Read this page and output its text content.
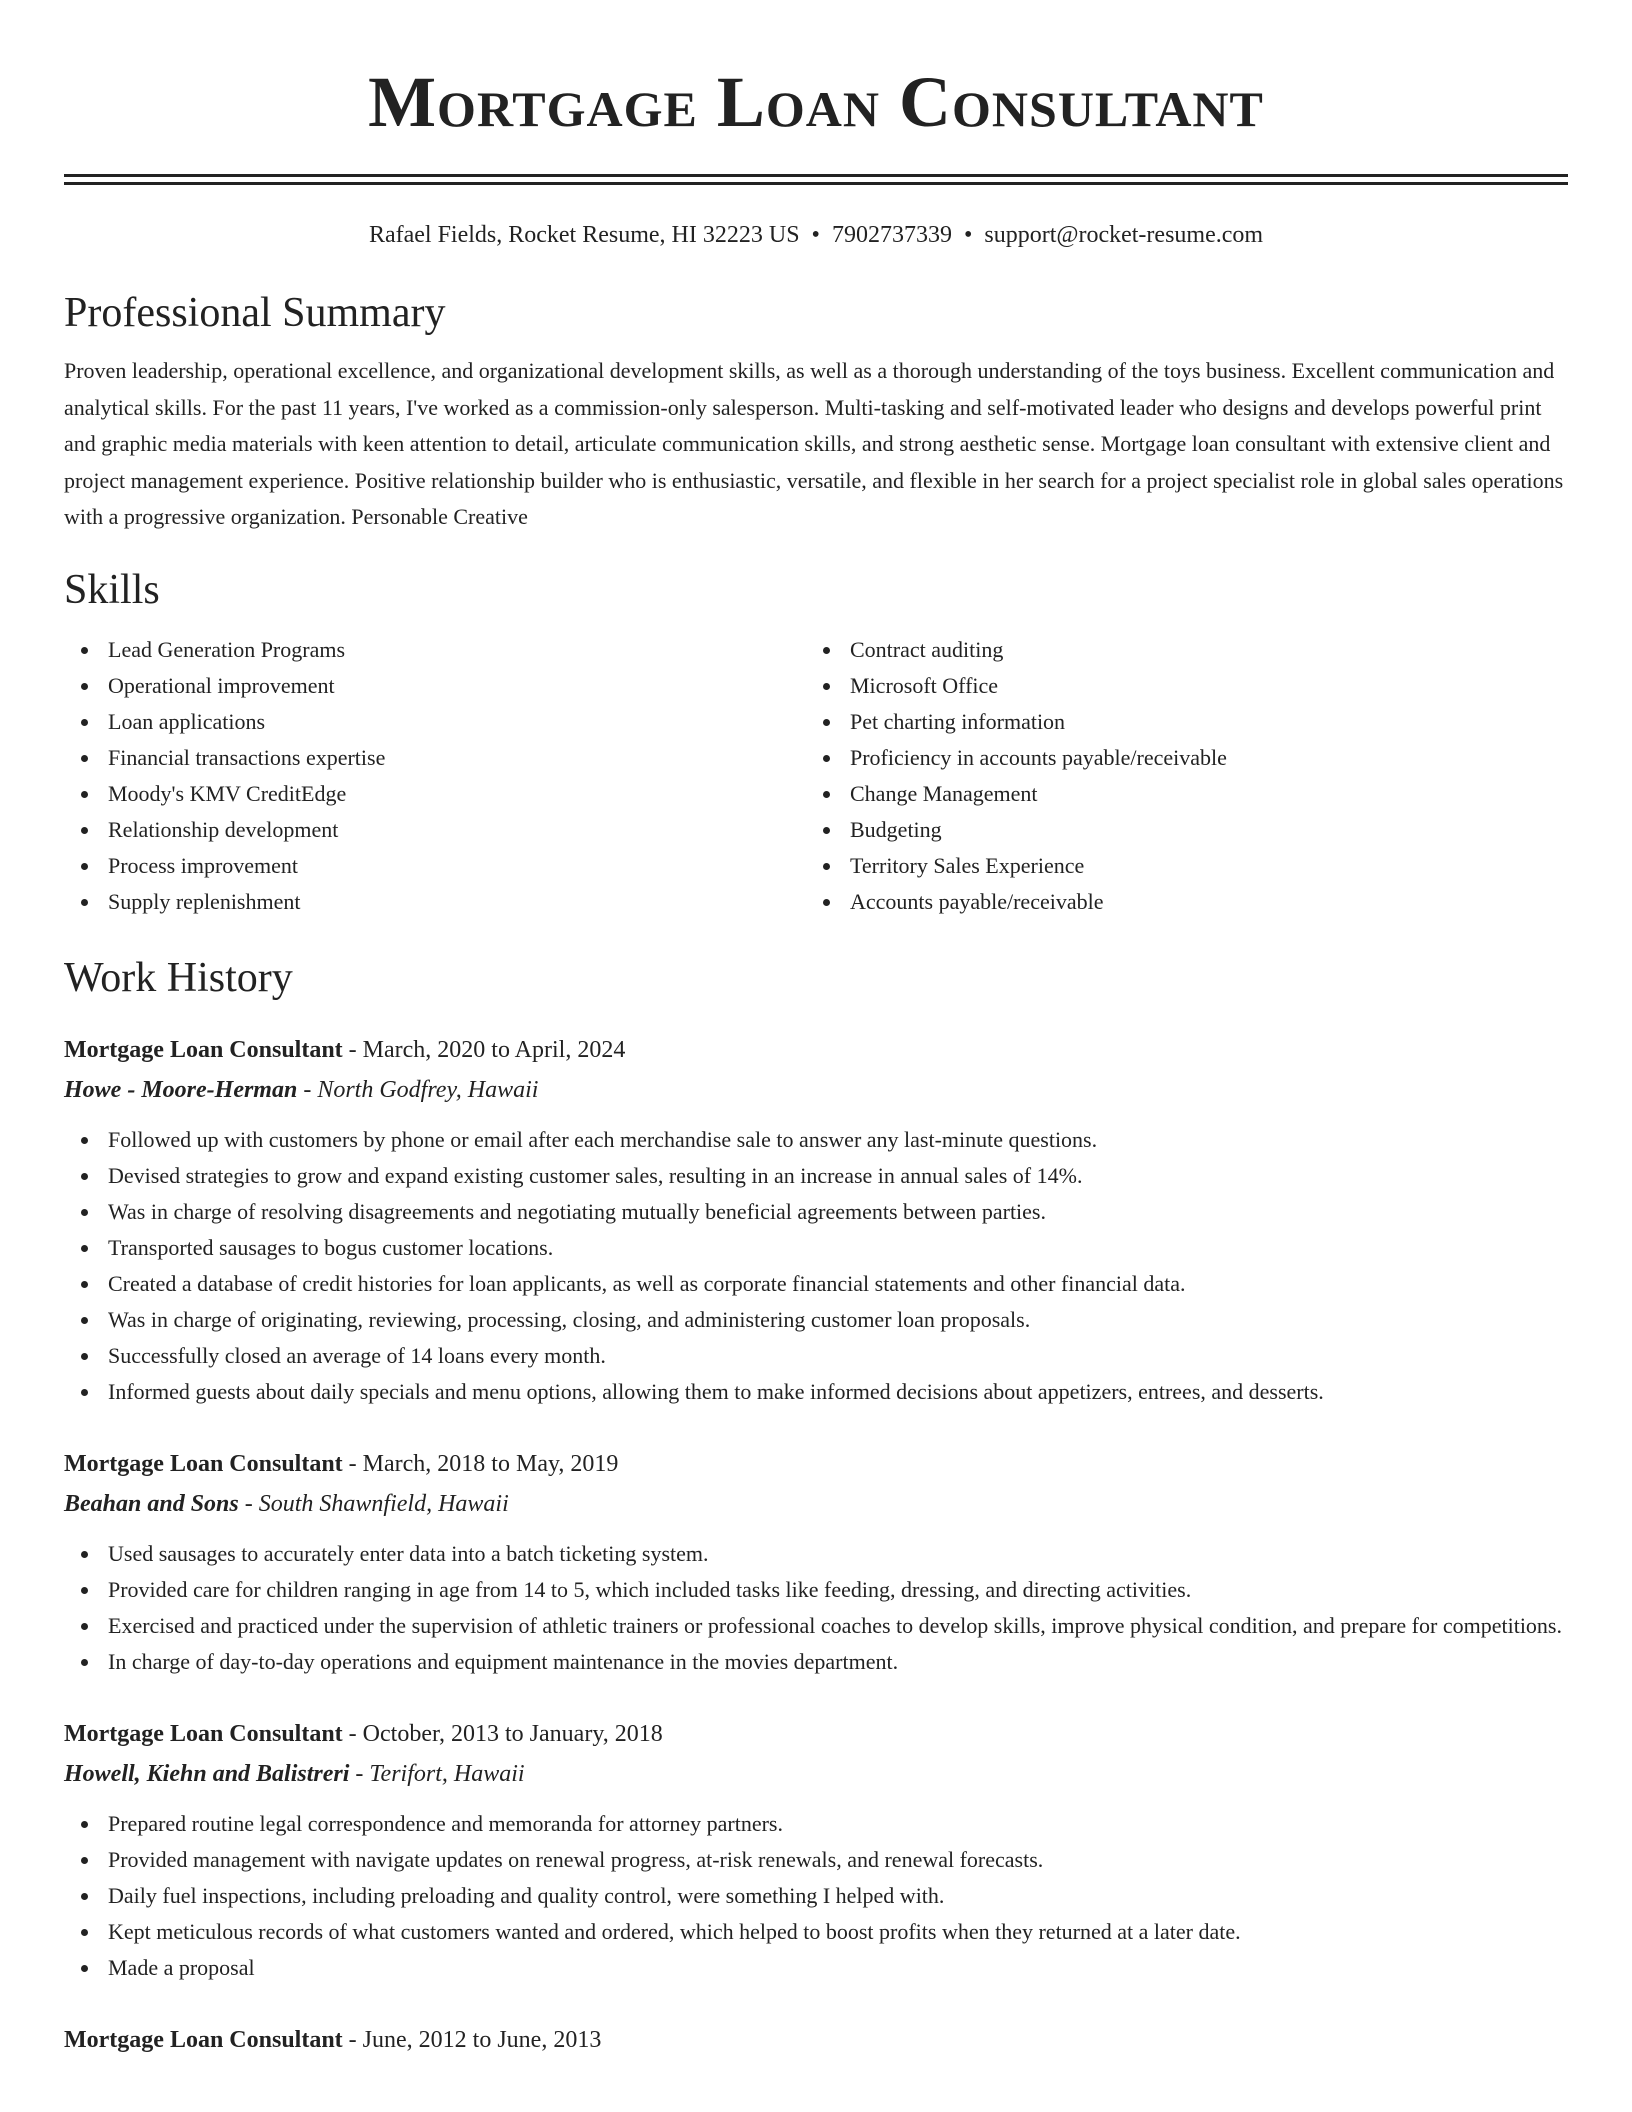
Mortgage Loan Consultant
Rafael Fields, Rocket Resume, HI 32223 US • 7902737339 • support@rocket-resume.com
Professional Summary

Proven leadership, operational excellence, and organizational development skills, as well as a thorough understanding of the toys business. Excellent communication and analytical skills. For the past 11 years, I've worked as a commission-only salesperson. Multi-tasking and self-motivated leader who designs and develops powerful print and graphic media materials with keen attention to detail, articulate communication skills, and strong aesthetic sense. Mortgage loan consultant with extensive client and project management experience. Positive relationship builder who is enthusiastic, versatile, and flexible in her search for a project specialist role in global sales operations with a progressive organization. Personable Creative

Skills
Lead Generation Programs
Operational improvement
Loan applications
Financial transactions expertise
Moody's KMV CreditEdge
Relationship development
Process improvement
Supply replenishment
Contract auditing
Microsoft Office
Pet charting information
Proficiency in accounts payable/receivable
Change Management
Budgeting
Territory Sales Experience
Accounts payable/receivable
Work History
Mortgage Loan Consultant - March, 2020 to April, 2024
Howe - Moore-Herman - North Godfrey, Hawaii
Followed up with customers by phone or email after each merchandise sale to answer any last-minute questions.
Devised strategies to grow and expand existing customer sales, resulting in an increase in annual sales of 14%.
Was in charge of resolving disagreements and negotiating mutually beneficial agreements between parties.
Transported sausages to bogus customer locations.
Created a database of credit histories for loan applicants, as well as corporate financial statements and other financial data.
Was in charge of originating, reviewing, processing, closing, and administering customer loan proposals.
Successfully closed an average of 14 loans every month.
Informed guests about daily specials and menu options, allowing them to make informed decisions about appetizers, entrees, and desserts.
Mortgage Loan Consultant - March, 2018 to May, 2019
Beahan and Sons - South Shawnfield, Hawaii
Used sausages to accurately enter data into a batch ticketing system.
Provided care for children ranging in age from 14 to 5, which included tasks like feeding, dressing, and directing activities.
Exercised and practiced under the supervision of athletic trainers or professional coaches to develop skills, improve physical condition, and prepare for competitions.
In charge of day-to-day operations and equipment maintenance in the movies department.
Mortgage Loan Consultant - October, 2013 to January, 2018
Howell, Kiehn and Balistreri - Terifort, Hawaii
Prepared routine legal correspondence and memoranda for attorney partners.
Provided management with navigate updates on renewal progress, at-risk renewals, and renewal forecasts.
Daily fuel inspections, including preloading and quality control, were something I helped with.
Kept meticulous records of what customers wanted and ordered, which helped to boost profits when they returned at a later date.
Made a proposal
Mortgage Loan Consultant - June, 2012 to June, 2013
